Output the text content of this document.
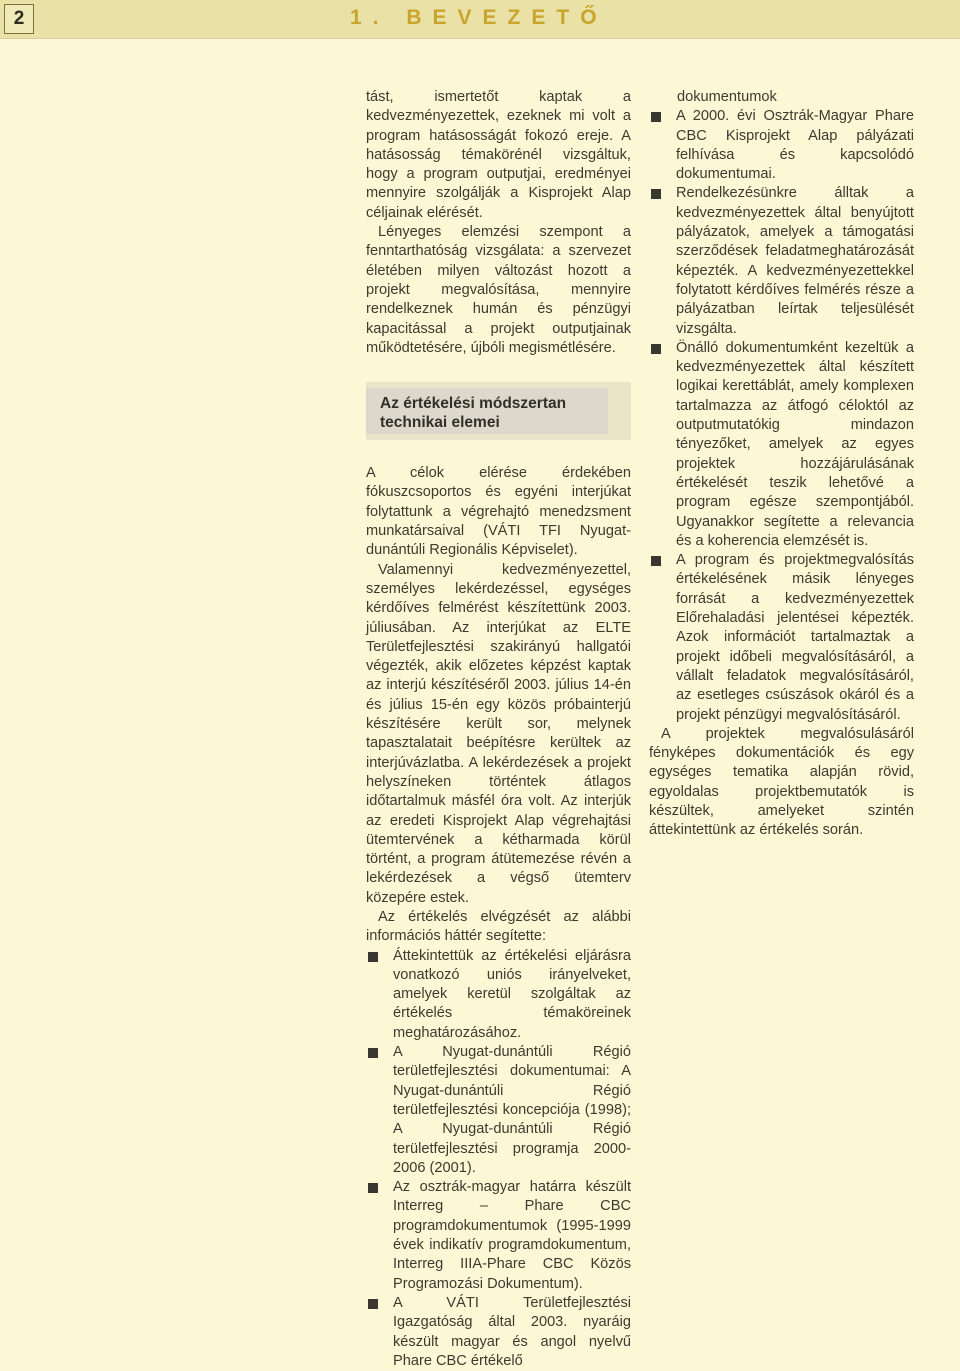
2	1. BEVEZETŐ

tást, ismertetőt kaptak a kedvezményezettek, ezeknek mi volt a program hatásosságát fokozó ereje. A hatásosság témakörénél vizsgáltuk, hogy a program outputjai, eredményei mennyire szolgálják a Kisprojekt Alap céljainak elérését.

Lényeges elemzési szempont a fenntarthatóság vizsgálata: a szervezet életében milyen változást hozott a projekt megvalósítása, mennyire rendelkeznek humán és pénzügyi kapacitással a projekt outputjainak működtetésére, újbóli megismétlésére.

Az értékelési módszertan technikai elemei

A célok elérése érdekében fókuszcsoportos és egyéni interjúkat folytattunk a végrehajtó menedzsment munkatársaival (VÁTI TFI Nyugat-dunántúli Regionális Képviselet).

Valamennyi kedvezményezettel, személyes lekérdezéssel, egységes kérdőíves felmérést készítettünk 2003. júliusában. Az interjúkat az ELTE Területfejlesztési szakirányú hallgatói végezték, akik előzetes képzést kaptak az interjú készítéséről 2003. július 14-én és július 15-én egy közös próbainterjú készítésére került sor, melynek tapasztalatait beépítésre kerültek az interjúvázlatba. A lekérdezések a projekt helyszíneken történtek átlagos időtartalmuk másfél óra volt. Az interjúk az eredeti Kisprojekt Alap végrehajtási ütemtervének a kétharmada körül történt, a program átütemezése révén a lekérdezések a végső ütemterv közepére estek.

Az értékelés elvégzését az alábbi információs háttér segítette:

Áttekintettük az értékelési eljárásra vonatkozó uniós irányelveket, amelyek keretül szolgáltak az értékelés témaköreinek meghatározásához.
A Nyugat-dunántúli Régió területfejlesztési dokumentumai: A Nyugat-dunántúli Régió területfejlesztési koncepciója (1998); A Nyugat-dunántúli Régió területfejlesztési programja 2000-2006 (2001).
Az osztrák-magyar határra készült Interreg – Phare CBC programdokumentumok (1995-1999 évek indikatív programdokumentum, Interreg IIIA-Phare CBC Közös Programozási Dokumentum).
A VÁTI Területfejlesztési Igazgatóság által 2003. nyaráig készült magyar és angol nyelvű Phare CBC értékelő

dokumentumok

A 2000. évi Osztrák-Magyar Phare CBC Kisprojekt Alap pályázati felhívása és kapcsolódó dokumentumai.
Rendelkezésünkre álltak a kedvezményezettek által benyújtott pályázatok, amelyek a támogatási szerződések feladatmeghatározását képezték. A kedvezményezettekkel folytatott kérdőíves felmérés része a pályázatban leírtak teljesülését vizsgálta.
Önálló dokumentumként kezeltük a kedvezményezettek által készített logikai kerettáblát, amely komplexen tartalmazza az átfogó céloktól az outputmutatókig mindazon tényezőket, amelyek az egyes projektek hozzájárulásának értékelését teszik lehetővé a program egésze szempontjából. Ugyanakkor segítette a relevancia és a koherencia elemzését is.
A program és projektmegvalósítás értékelésének másik lényeges forrását a kedvezményezettek Előrehaladási jelentései képezték. Azok információt tartalmaztak a projekt időbeli megvalósításáról, a vállalt feladatok megvalósításáról, az esetleges csúszások okáról és a projekt pénzügyi megvalósításáról.

A projektek megvalósulásáról fényképes dokumentációk és egy egységes tematika alapján rövid, egyoldalas projektbemutatók is készültek, amelyeket szintén áttekintettünk az értékelés során.
